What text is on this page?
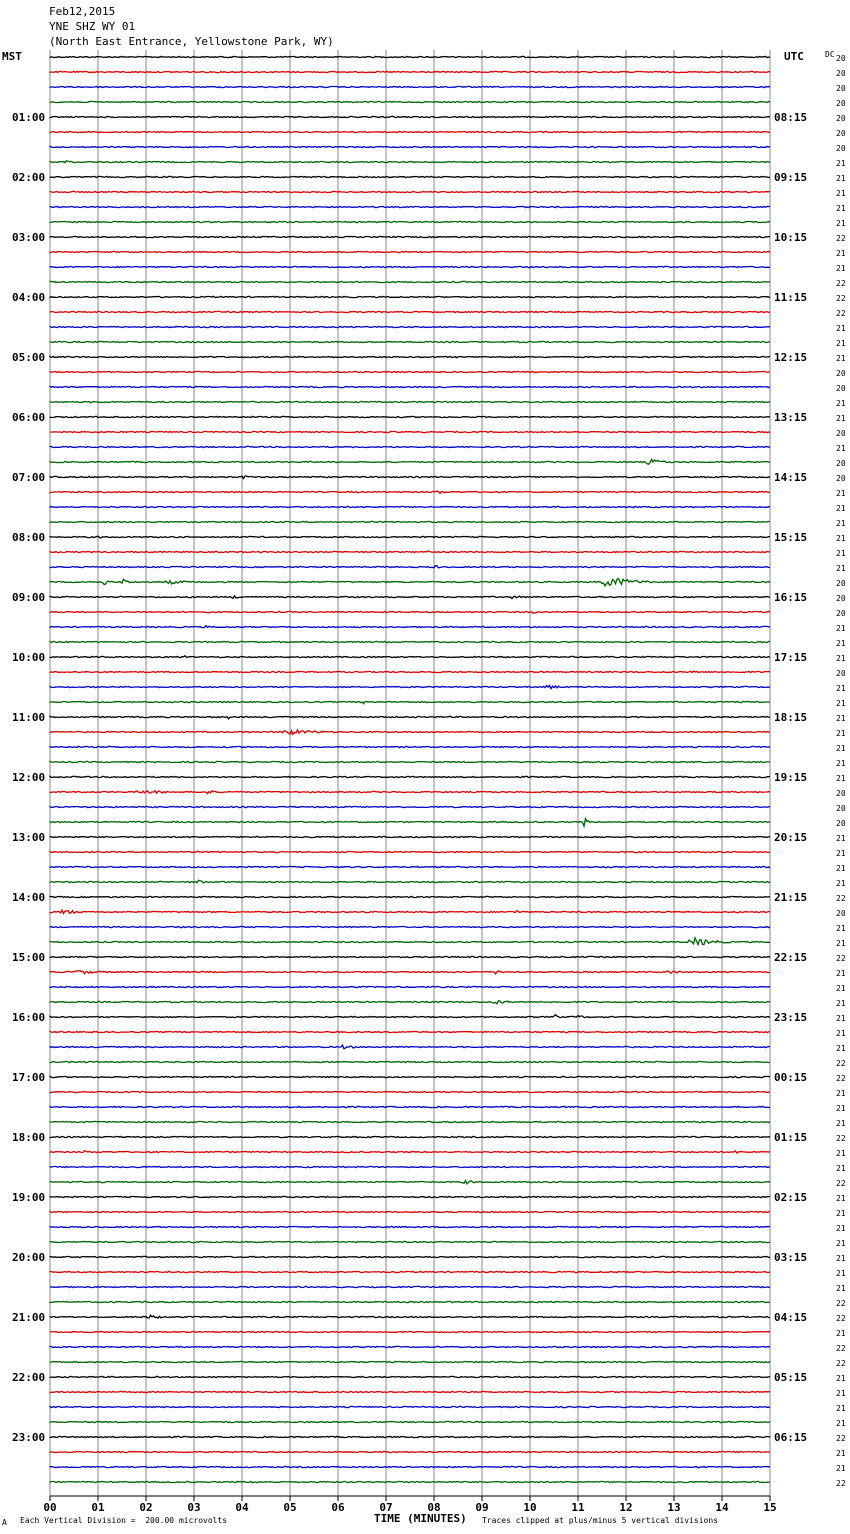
Feb12,2015
YNE SHZ WY 01
(North East Entrance, Yellowstone Park, WY)
MST	UTC
00	01	02	03	04	05	06	07	08	09	10	11	12	13	14	15
20
20
20
20
20
01:00	08:15
20
20
21
21
02:00	09:15
21
21
21
22
03:00	10:15
21
21
22
22
04:00	11:15
22
21
21
21
05:00	12:15
20
20
21
21
06:00	13:15
20
21
20
20
07:00	14:15
21
21
21
21
08:00	15:15
21
21
20
20
09:00	16:15
20
21
21
21
10:00	17:15
20
21
21
21
11:00	18:15
21
21
21
21
12:00	19:15
20
20
20
21
13:00	20:15
21
21
21
22
14:00	21:15
20
21
21
22
15:00	22:15
21
21
21
21
16:00	23:15
21
21
22
22
17:00	00:15
21
21
21
22
18:00	01:15
21
21
22
21
19:00	02:15
21
21
21
21
20:00	03:15
21
21
22
22
21:00	04:15
21
22
22
21
22:00	05:15
21
21
21
22
23:00	06:15
21
21
22
DC
A Each Vertical Division =  200.00 microvolts	TIME (MINUTES) Traces clipped at plus/minus 5 vertical divisions
